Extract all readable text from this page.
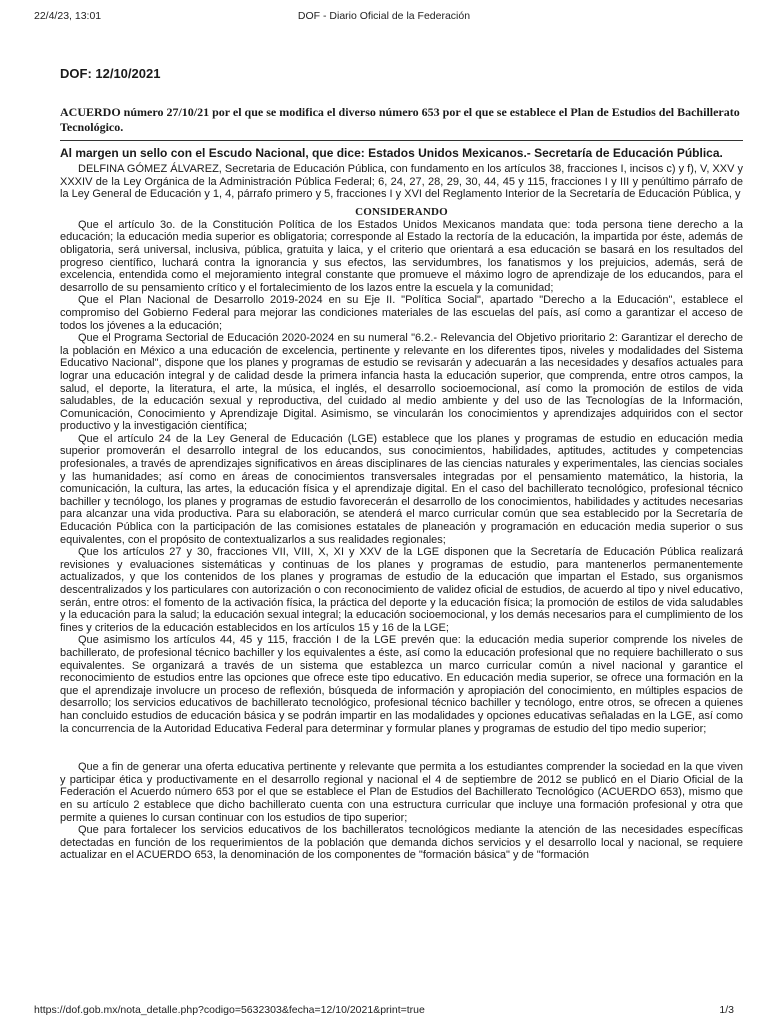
22/4/23, 13:01	DOF - Diario Oficial de la Federación
DOF: 12/10/2021
ACUERDO número 27/10/21 por el que se modifica el diverso número 653 por el que se establece el Plan de Estudios del Bachillerato Tecnológico.
Al margen un sello con el Escudo Nacional, que dice: Estados Unidos Mexicanos.- Secretaría de Educación Pública.

DELFINA GÓMEZ ÁLVAREZ, Secretaria de Educación Pública, con fundamento en los artículos 38, fracciones I, incisos c) y f), V, XXV y XXXIV de la Ley Orgánica de la Administración Pública Federal; 6, 24, 27, 28, 29, 30, 44, 45 y 115, fracciones I y III y penúltimo párrafo de la Ley General de Educación y 1, 4, párrafo primero y 5, fracciones I y XVI del Reglamento Interior de la Secretaría de Educación Pública, y

CONSIDERANDO

Que el artículo 3o. de la Constitución Política de los Estados Unidos Mexicanos mandata que: toda persona tiene derecho a la educación; la educación media superior es obligatoria; corresponde al Estado la rectoría de la educación, la impartida por éste, además de obligatoria, será universal, inclusiva, pública, gratuita y laica, y el criterio que orientará a esa educación se basará en los resultados del progreso científico, luchará contra la ignorancia y sus efectos, las servidumbres, los fanatismos y los prejuicios, además, será de excelencia, entendida como el mejoramiento integral constante que promueve el máximo logro de aprendizaje de los educandos, para el desarrollo de su pensamiento crítico y el fortalecimiento de los lazos entre la escuela y la comunidad;

Que el Plan Nacional de Desarrollo 2019-2024 en su Eje II. "Política Social", apartado "Derecho a la Educación", establece el compromiso del Gobierno Federal para mejorar las condiciones materiales de las escuelas del país, así como a garantizar el acceso de todos los jóvenes a la educación;

Que el Programa Sectorial de Educación 2020-2024 en su numeral "6.2.- Relevancia del Objetivo prioritario 2: Garantizar el derecho de la población en México a una educación de excelencia, pertinente y relevante en los diferentes tipos, niveles y modalidades del Sistema Educativo Nacional", dispone que los planes y programas de estudio se revisarán y adecuarán a las necesidades y desafíos actuales para lograr una educación integral y de calidad desde la primera infancia hasta la educación superior, que comprenda, entre otros campos, la salud, el deporte, la literatura, el arte, la música, el inglés, el desarrollo socioemocional, así como la promoción de estilos de vida saludables, de la educación sexual y reproductiva, del cuidado al medio ambiente y del uso de las Tecnologías de la Información, Comunicación, Conocimiento y Aprendizaje Digital. Asimismo, se vincularán los conocimientos y aprendizajes adquiridos con el sector productivo y la investigación científica;

Que el artículo 24 de la Ley General de Educación (LGE) establece que los planes y programas de estudio en educación media superior promoverán el desarrollo integral de los educandos, sus conocimientos, habilidades, aptitudes, actitudes y competencias profesionales, a través de aprendizajes significativos en áreas disciplinares de las ciencias naturales y experimentales, las ciencias sociales y las humanidades; así como en áreas de conocimientos transversales integradas por el pensamiento matemático, la historia, la comunicación, la cultura, las artes, la educación física y el aprendizaje digital. En el caso del bachillerato tecnológico, profesional técnico bachiller y tecnólogo, los planes y programas de estudio favorecerán el desarrollo de los conocimientos, habilidades y actitudes necesarias para alcanzar una vida productiva. Para su elaboración, se atenderá el marco curricular común que sea establecido por la Secretaría de Educación Pública con la participación de las comisiones estatales de planeación y programación en educación media superior o sus equivalentes, con el propósito de contextualizarlos a sus realidades regionales;

Que los artículos 27 y 30, fracciones VII, VIII, X, XI y XXV de la LGE disponen que la Secretaría de Educación Pública realizará revisiones y evaluaciones sistemáticas y continuas de los planes y programas de estudio, para mantenerlos permanentemente actualizados, y que los contenidos de los planes y programas de estudio de la educación que impartan el Estado, sus organismos descentralizados y los particulares con autorización o con reconocimiento de validez oficial de estudios, de acuerdo al tipo y nivel educativo, serán, entre otros: el fomento de la activación física, la práctica del deporte y la educación física; la promoción de estilos de vida saludables y la educación para la salud; la educación sexual integral; la educación socioemocional, y los demás necesarios para el cumplimiento de los fines y criterios de la educación establecidos en los artículos 15 y 16 de la LGE;

Que asimismo los artículos 44, 45 y 115, fracción I de la LGE prevén que: la educación media superior comprende los niveles de bachillerato, de profesional técnico bachiller y los equivalentes a éste, así como la educación profesional que no requiere bachillerato o sus equivalentes. Se organizará a través de un sistema que establezca un marco curricular común a nivel nacional y garantice el reconocimiento de estudios entre las opciones que ofrece este tipo educativo. En educación media superior, se ofrece una formación en la que el aprendizaje involucre un proceso de reflexión, búsqueda de información y apropiación del conocimiento, en múltiples espacios de desarrollo; los servicios educativos de bachillerato tecnológico, profesional técnico bachiller y tecnólogo, entre otros, se ofrecen a quienes han concluido estudios de educación básica y se podrán impartir en las modalidades y opciones educativas señaladas en la LGE, así como la concurrencia de la Autoridad Educativa Federal para determinar y formular planes y programas de estudio del tipo medio superior;

Que a fin de generar una oferta educativa pertinente y relevante que permita a los estudiantes comprender la sociedad en la que viven y participar ética y productivamente en el desarrollo regional y nacional el 4 de septiembre de 2012 se publicó en el Diario Oficial de la Federación el Acuerdo número 653 por el que se establece el Plan de Estudios del Bachillerato Tecnológico (ACUERDO 653), mismo que en su artículo 2 establece que dicho bachillerato cuenta con una estructura curricular que incluye una formación profesional y otra que permite a quienes lo cursan continuar con los estudios de tipo superior;

Que para fortalecer los servicios educativos de los bachilleratos tecnológicos mediante la atención de las necesidades específicas detectadas en función de los requerimientos de la población que demanda dichos servicios y el desarrollo local y nacional, se requiere actualizar en el ACUERDO 653, la denominación de los componentes de "formación básica" y de "formación

https://dof.gob.mx/nota_detalle.php?codigo=5632303&fecha=12/10/2021&print=true	1/3
